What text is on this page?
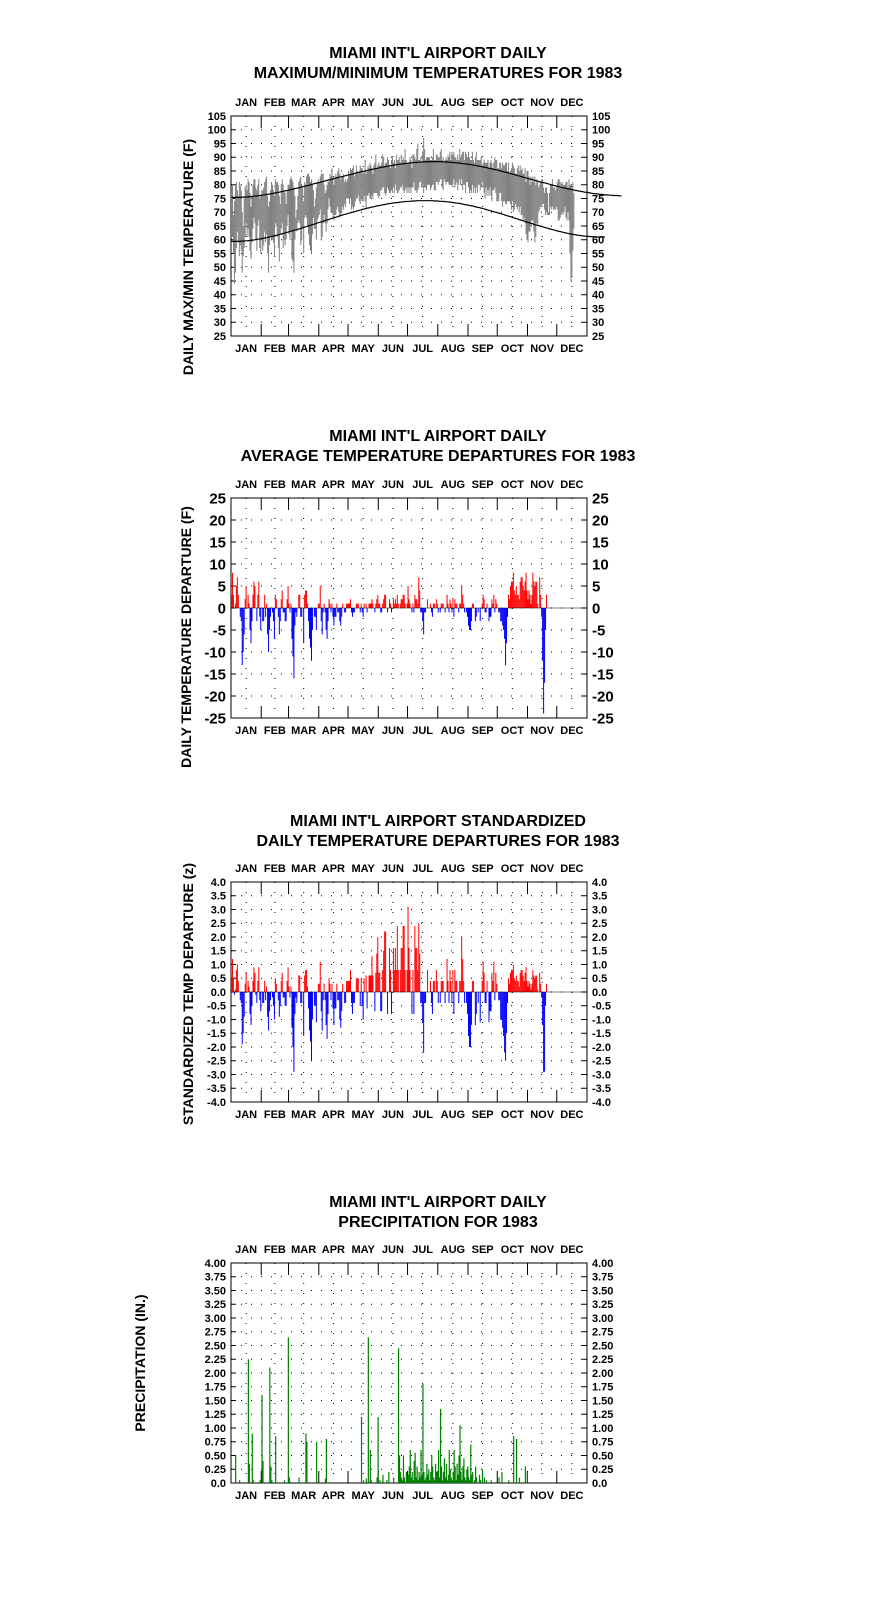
MIAMI INT'L AIRPORT DAILY
MAXIMUM/MINIMUM TEMPERATURES FOR 1983
DAILY MAX/MIN TEMPERATURE (F)
JAN
JAN
FEB
FEB
MAR
MAR
APR
APR
MAY
MAY
JUN
JUN
JUL
JUL
AUG
AUG
SEP
SEP
OCT
OCT
NOV
NOV
DEC
DEC
105	105
100	100
95	95
90	90
85	85
80	80
75	75
70	70
65	65
60	60
55	55
50	50
45	45
40	40
35	35
30	30
25	25
MIAMI INT'L AIRPORT DAILY
AVERAGE TEMPERATURE DEPARTURES FOR 1983
DAILY TEMPERATURE DEPARTURE (F)
JAN
JAN
FEB
FEB
MAR
MAR
APR
APR
MAY
MAY
JUN
JUN
JUL
JUL
AUG
AUG
SEP
SEP
OCT
OCT
NOV
NOV
DEC
DEC
25	25
20	20
15	15
10	10
5	5
0	0
-5	-5
-10	-10
-15	-15
-20	-20
-25	-25
MIAMI INT'L AIRPORT STANDARDIZED
DAILY TEMPERATURE DEPARTURES FOR 1983
STANDARDIZED TEMP DEPARTURE (z)	JAN
JAN
FEB
FEB
MAR
MAR
APR
APR
MAY
MAY
JUN
JUN
JUL
JUL
AUG
AUG
SEP
SEP
OCT
OCT
NOV
NOV
DEC
DEC
4.0	4.0
3.5	3.5
3.0	3.0
2.5	2.5
2.0	2.0
1.5	1.5
1.0	1.0
0.5	0.5
0.0	0.0
-0.5	-0.5
-1.0	-1.0
-1.5	-1.5
-2.0	-2.0
-2.5	-2.5
-3.0	-3.0
-3.5	-3.5
-4.0	-4.0
MIAMI INT'L AIRPORT DAILY
PRECIPITATION FOR 1983
PRECIPITATION (IN.)
JAN
JAN
FEB
FEB
MAR
MAR
APR
APR
MAY
MAY
JUN
JUN
JUL
JUL
AUG
AUG
SEP
SEP
OCT
OCT
NOV
NOV
DEC
DEC
4.00	4.00
3.75	3.75
3.50	3.50
3.25	3.25
3.00	3.00
2.75	2.75
2.50	2.50
2.25	2.25
2.00	2.00
1.75	1.75
1.50	1.50
1.25	1.25
1.00	1.00
0.75	0.75
0.50	0.50
0.25	0.25
0.0	0.0
